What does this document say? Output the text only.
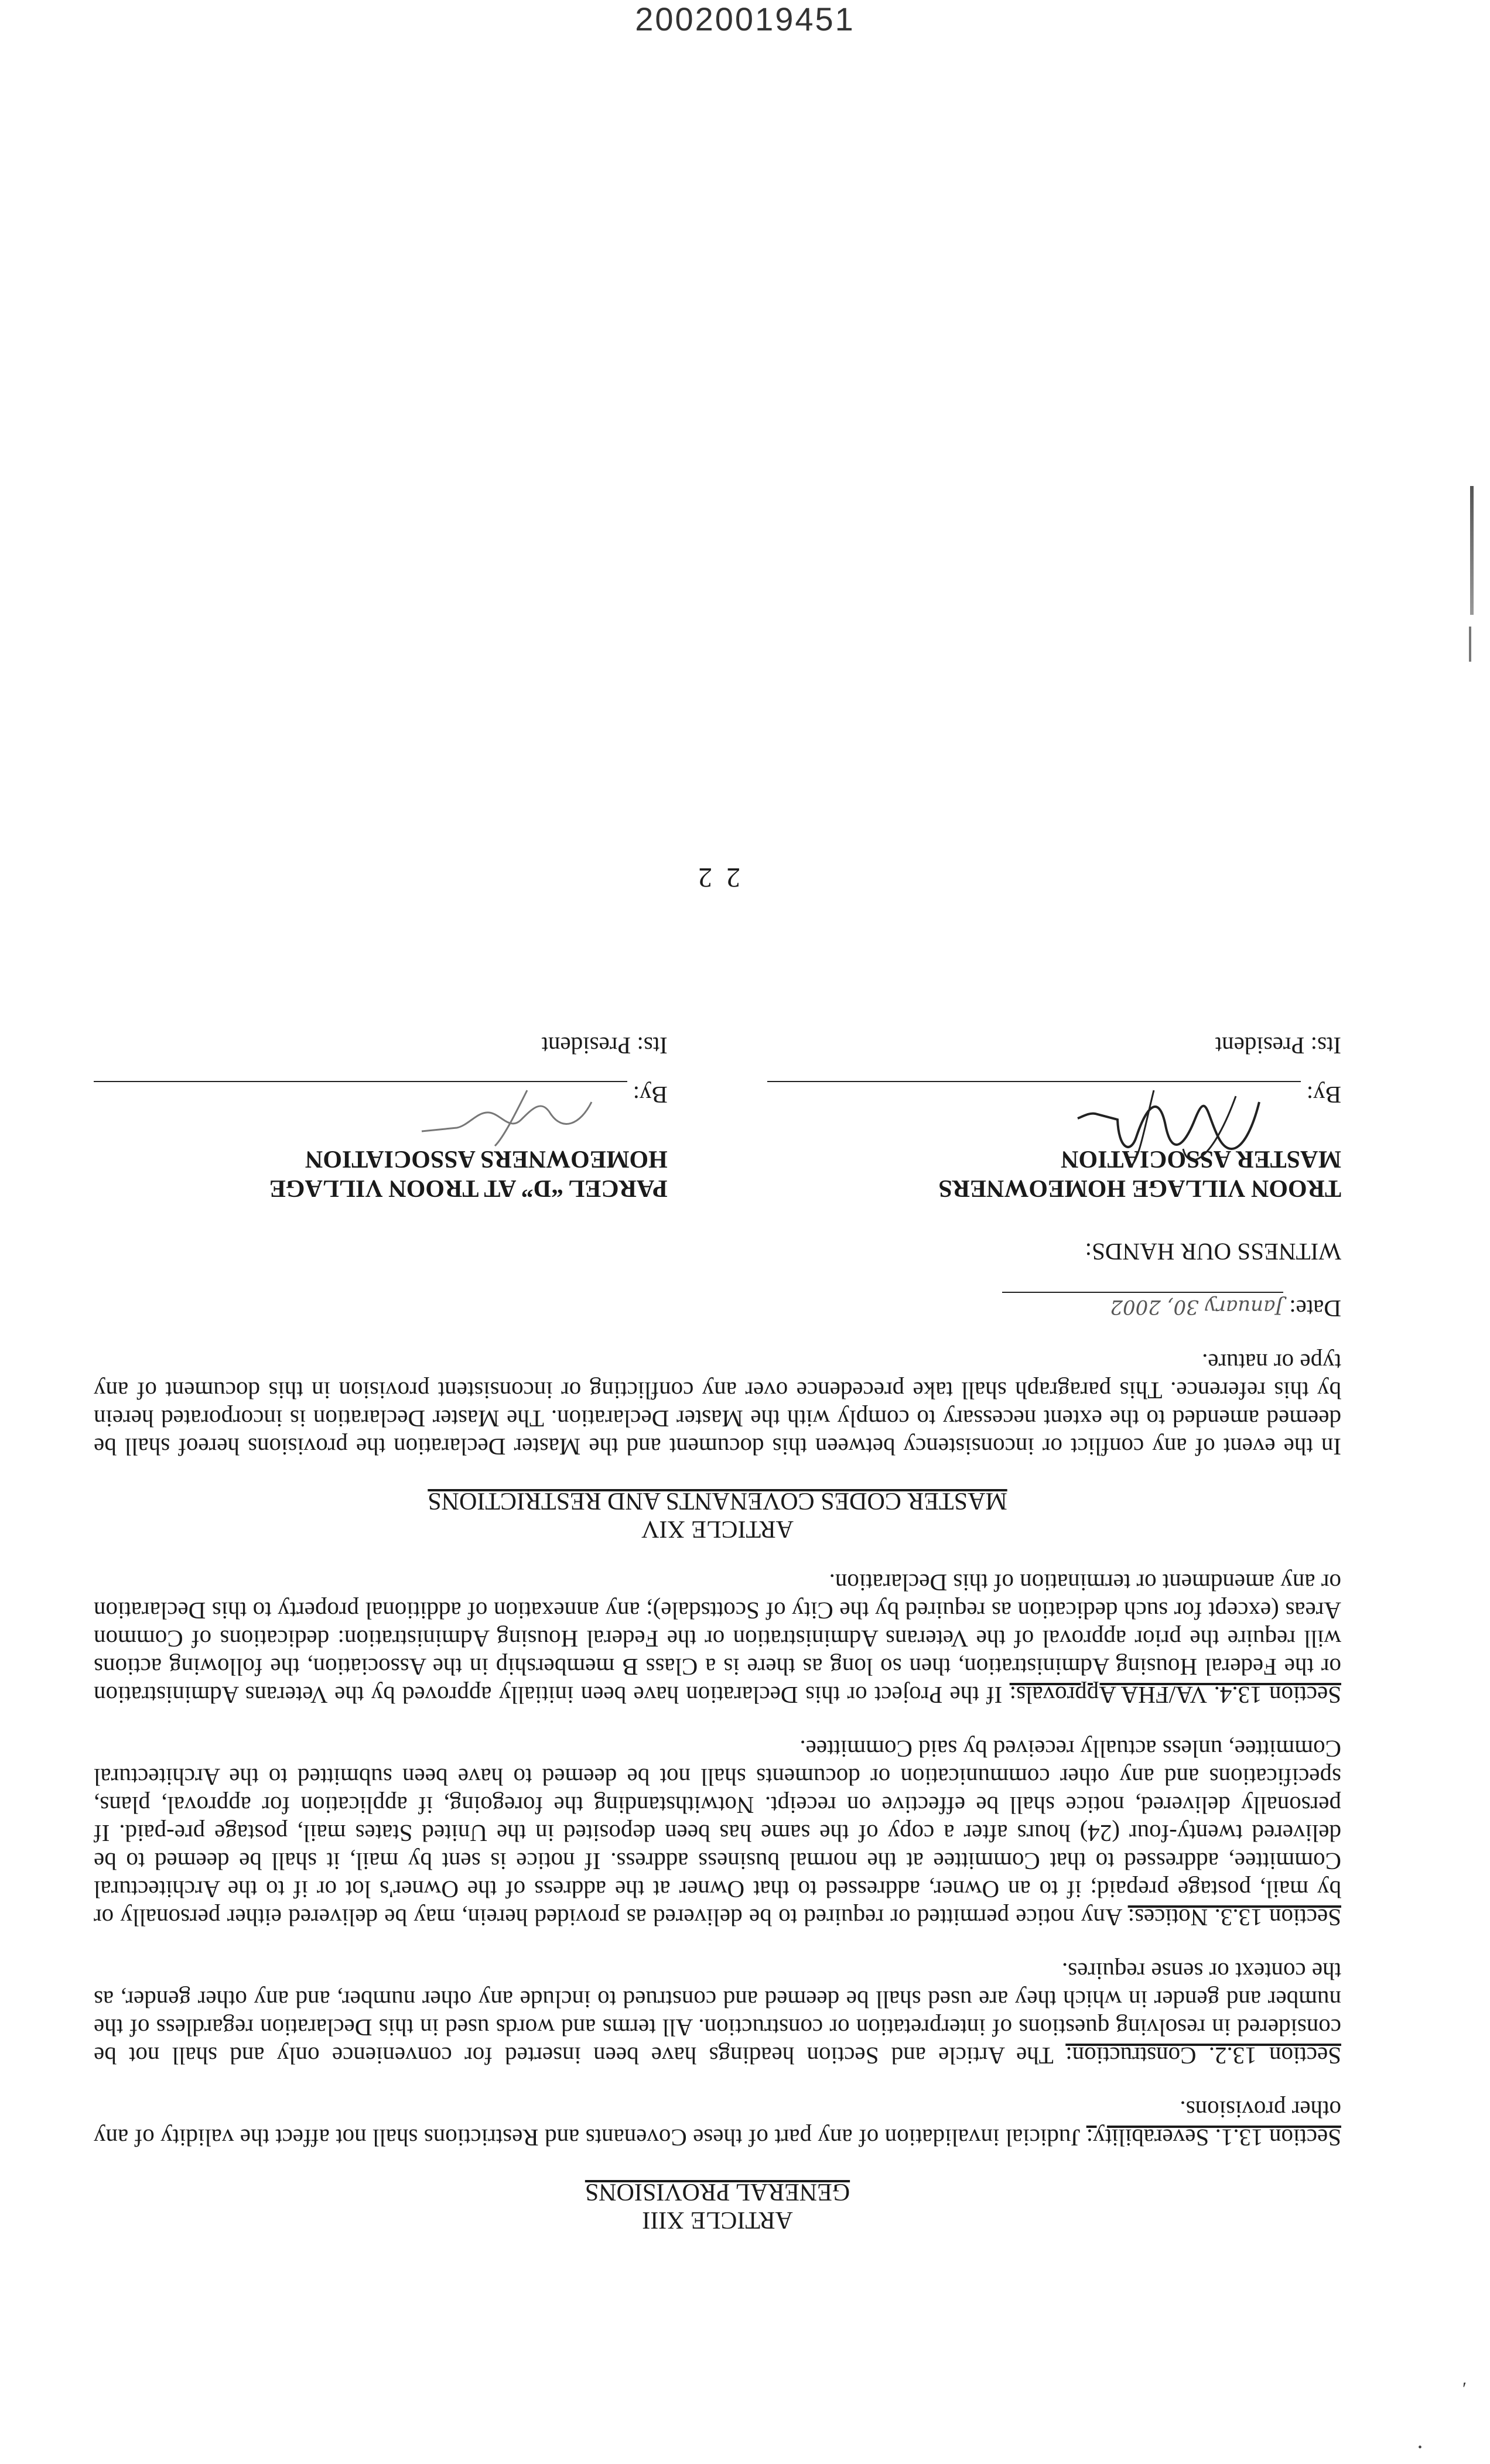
20020019451
′
•
ARTICLE XIII
GENERAL PROVISIONS

Section 13.1. Severability: Judicial invalidation of any part of these Covenants and Restrictions shall not affect the validity of any other provisions.

Section 13.2. Construction: The Article and Section headings have been inserted for convenience only and shall not be considered in resolving questions of interpretation or construction. All terms and words used in this Declaration regardless of the number and gender in which they are used shall be deemed and construed to include any other number, and any other gender, as the context or sense requires.

Section 13.3. Notices: Any notice permitted or required to be delivered as provided herein, may be delivered either personally or by mail, postage prepaid; if to an Owner, addressed to that Owner at the address of the Owner's lot or if to the Architectural Committee, addressed to that Committee at the normal business address. If notice is sent by mail, it shall be deemed to be delivered twenty-four (24) hours after a copy of the same has been deposited in the United States mail, postage pre-paid. If personally delivered, notice shall be effective on receipt. Notwithstanding the foregoing, if application for approval, plans, specifications and any other communication or documents shall not be deemed to have been submitted to the Architectural Committee, unless actually received by said Committee.

Section 13.4. VA/FHA Approvals: If the Project or this Declaration have been initially approved by the Veterans Administration or the Federal Housing Administration, then so long as there is a Class B membership in the Association, the following actions will require the prior approval of the Veterans Administration or the Federal Housing Administration: dedications of Common Areas (except for such dedication as required by the City of Scottsdale); any annexation of additional property to this Declaration or any amendment or termination of this Declaration.

ARTICLE XIV
MASTER CODES COVENANTS AND RESTRICTIONS

In the event of any conflict or inconsistency between this document and the Master Declaration the provisions hereof shall be deemed amended to the extent necessary to comply with the Master Declaration. The Master Declaration is incorporated herein by this reference. This paragraph shall take precedence over any conflicting or inconsistent provision in this document of any type or nature.

Date: January 30, 2002
WITNESS OUR HANDS:
TROON VILLAGE HOMEOWNERS
MASTER ASSOCIATION
By:
Its: President
PARCEL “D” AT TROON VILLAGE
HOMEOWNERS ASSOCIATION
By:
Its: President
2 2
